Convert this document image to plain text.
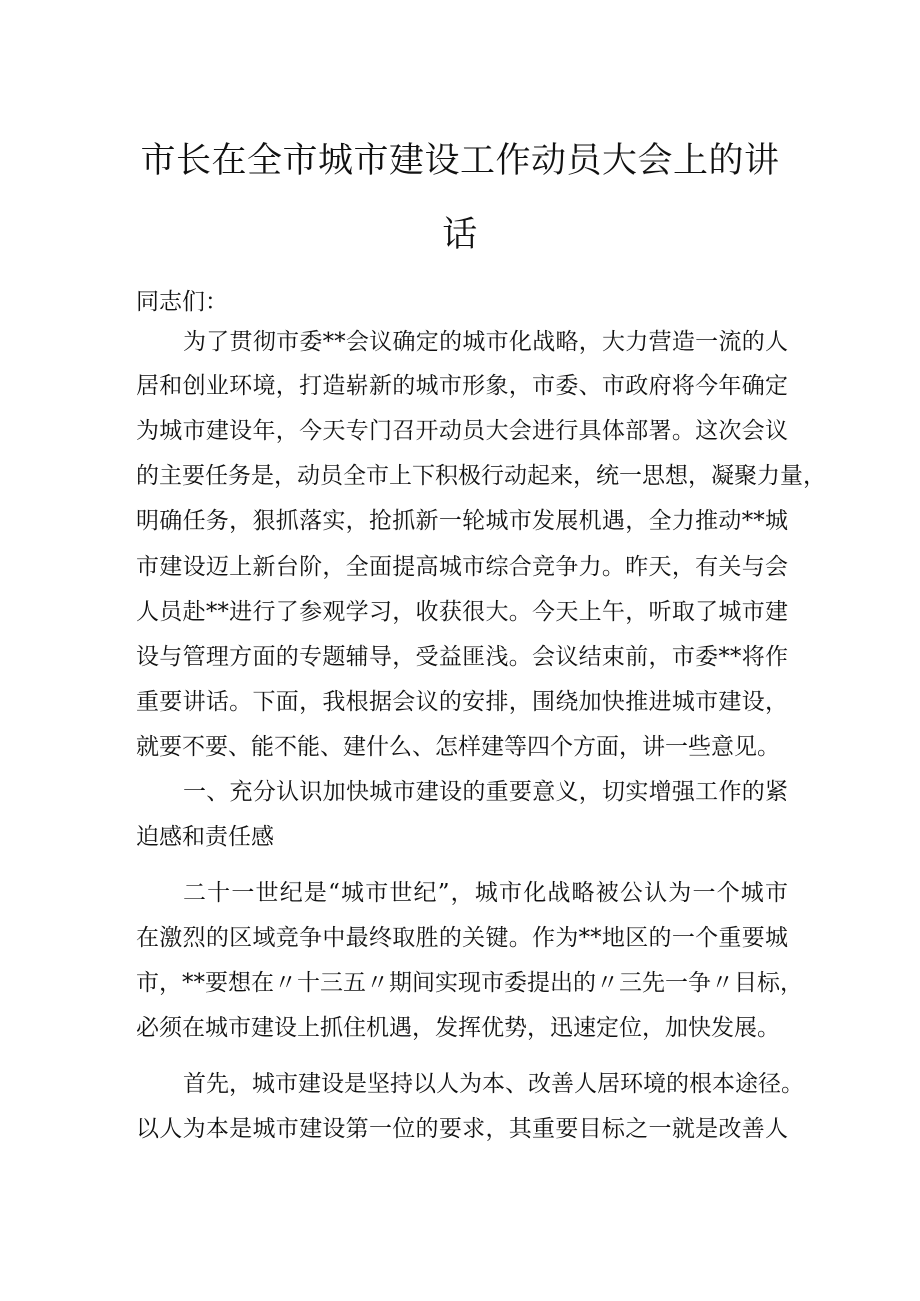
市长在全市城市建设工作动员大会上的讲
话
同志们：
为了贯彻市委**会议确定的城市化战略，大力营造一流的人
居和创业环境，打造崭新的城市形象，市委、市政府将今年确定
为城市建设年，今天专门召开动员大会进行具体部署。这次会议
的主要任务是，动员全市上下积极行动起来，统一思想，凝聚力量，
明确任务，狠抓落实，抢抓新一轮城市发展机遇，全力推动**城
市建设迈上新台阶，全面提高城市综合竞争力。昨天，有关与会
人员赴**进行了参观学习，收获很大。今天上午，听取了城市建
设与管理方面的专题辅导，受益匪浅。会议结束前，市委**将作
重要讲话。下面，我根据会议的安排，围绕加快推进城市建设，
就要不要、能不能、建什么、怎样建等四个方面，讲一些意见。
一、充分认识加快城市建设的重要意义，切实增强工作的紧
迫感和责任感
二十一世纪是“城市世纪”，城市化战略被公认为一个城市
在激烈的区域竞争中最终取胜的关键。作为**地区的一个重要城
市，**要想在〃十三五〃期间实现市委提出的〃三先一争〃目标，
必须在城市建设上抓住机遇，发挥优势，迅速定位，加快发展。
首先，城市建设是坚持以人为本、改善人居环境的根本途径。
以人为本是城市建设第一位的要求，其重要目标之一就是改善人
